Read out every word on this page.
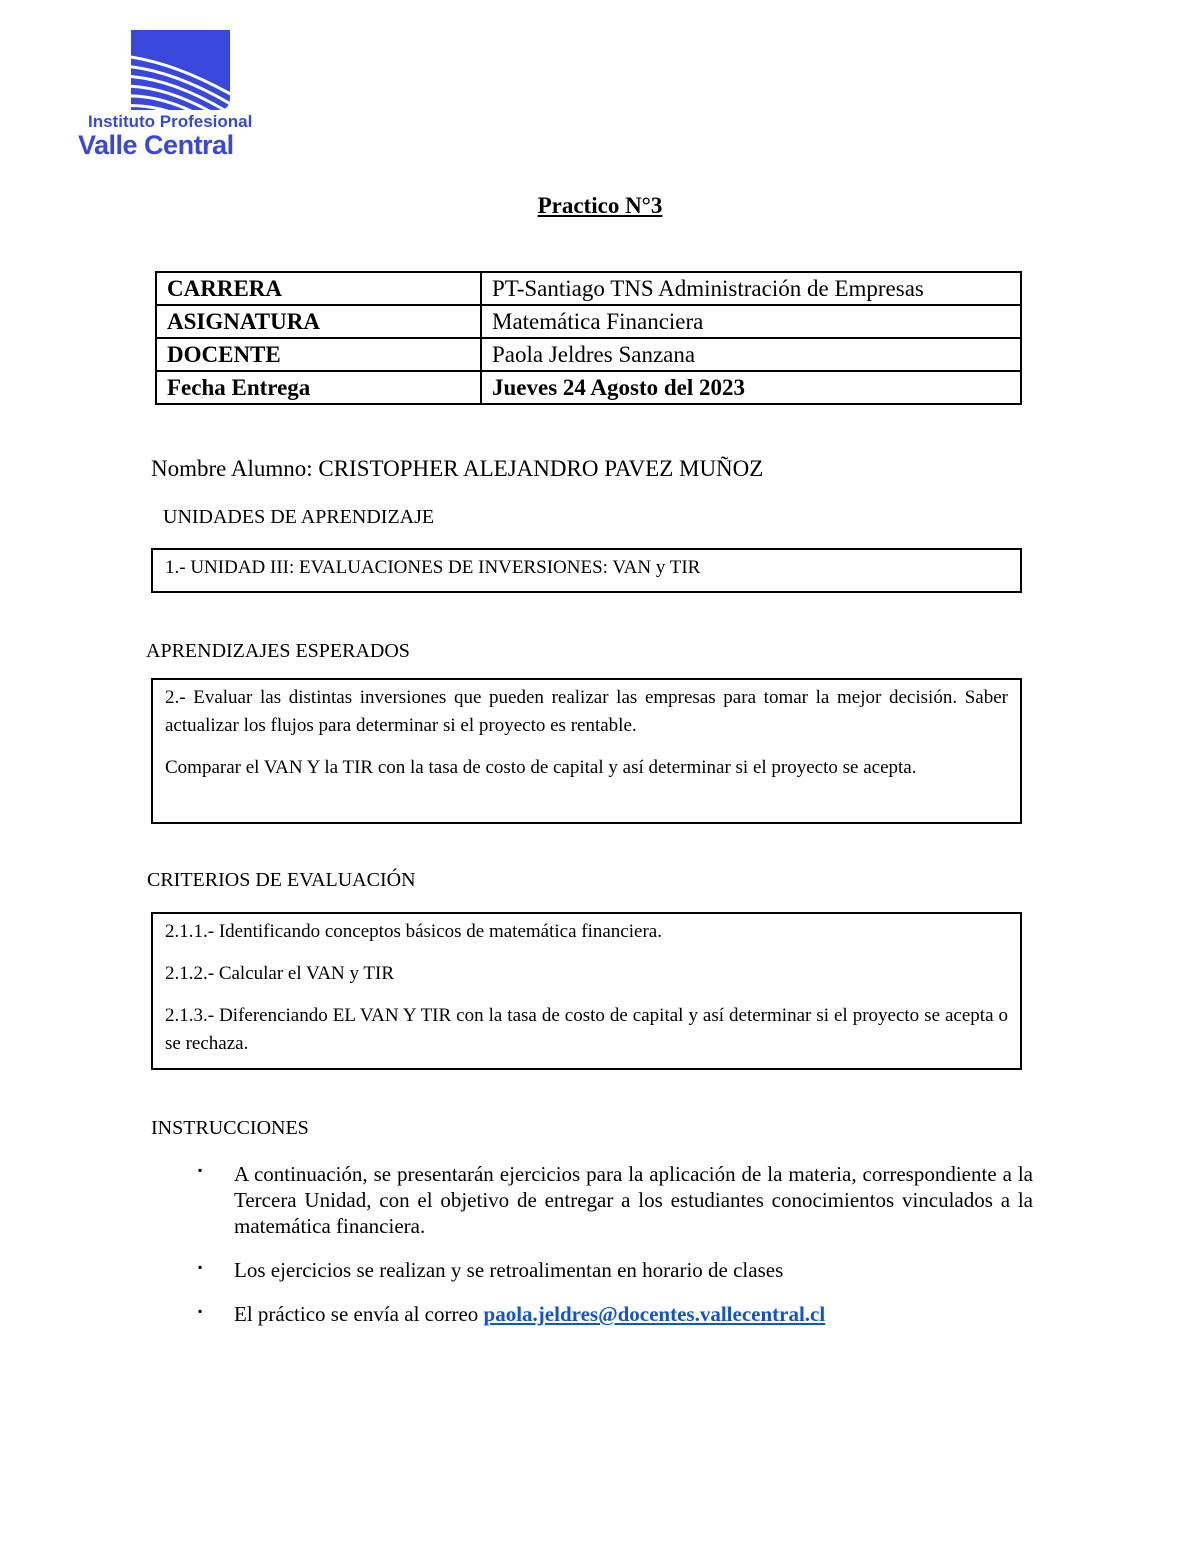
Instituto Profesional
Valle Central
Practico N°3
CARRERA	PT-Santiago TNS Administración de Empresas
ASIGNATURA	Matemática Financiera
DOCENTE	Paola Jeldres Sanzana
Fecha Entrega	Jueves 24 Agosto del 2023
Nombre Alumno: CRISTOPHER ALEJANDRO PAVEZ MUÑOZ
UNIDADES DE APRENDIZAJE

1.- UNIDAD III: EVALUACIONES DE INVERSIONES: VAN y TIR

APRENDIZAJES ESPERADOS

2.- Evaluar las distintas inversiones que pueden realizar las empresas para tomar la mejor decisión. Saber actualizar los flujos para determinar si el proyecto es rentable.

Comparar el VAN Y la TIR con la tasa de costo de capital y así determinar si el proyecto se acepta.

CRITERIOS DE EVALUACIÓN

2.1.1.- Identificando conceptos básicos de matemática financiera.

2.1.2.- Calcular el VAN y TIR

2.1.3.- Diferenciando EL VAN Y TIR con la tasa de costo de capital y así determinar si el proyecto se acepta o se rechaza.

INSTRUCCIONES
▪ A continuación, se presentarán ejercicios para la aplicación de la materia, correspondiente a la Tercera Unidad, con el objetivo de entregar a los estudiantes conocimientos vinculados a la matemática financiera.
▪ Los ejercicios se realizan y se retroalimentan en horario de clases
▪ El práctico se envía al correo paola.jeldres@docentes.vallecentral.cl
